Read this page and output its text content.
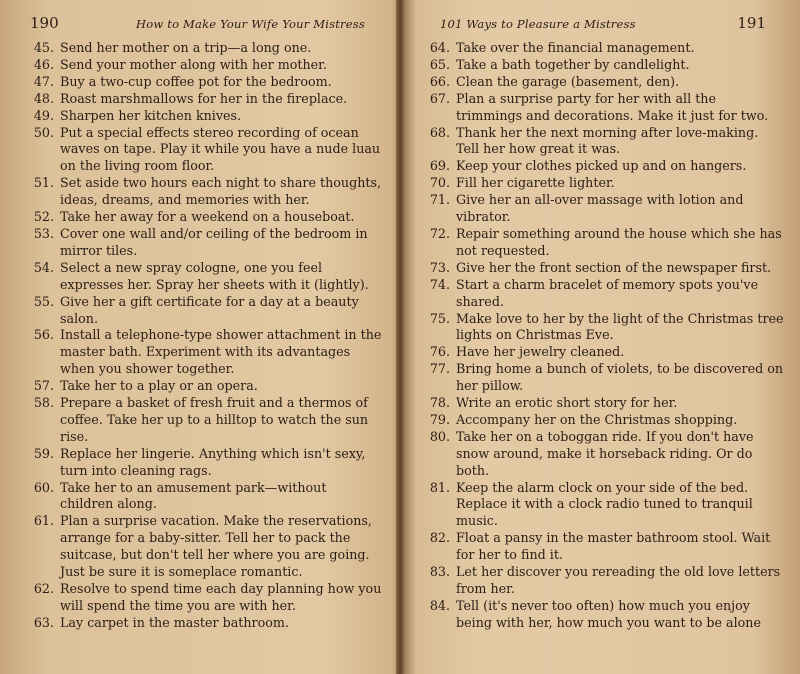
190	How to Make Your Wife Your Mistress
45. Send her mother on a trip—a long one.
46. Send your mother along with her mother.
47. Buy a two-cup coffee pot for the bedroom.
48. Roast marshmallows for her in the fireplace.
49. Sharpen her kitchen knives.
50. Put a special effects stereo recording of ocean waves on tape. Play it while you have a nude luau on the living room floor.
51. Set aside two hours each night to share thoughts, ideas, dreams, and memories with her.
52. Take her away for a weekend on a houseboat.
53. Cover one wall and/or ceiling of the bedroom in mirror tiles.
54. Select a new spray cologne, one you feel expresses her. Spray her sheets with it (lightly).
55. Give her a gift certificate for a day at a beauty salon.
56. Install a telephone-type shower attachment in the master bath. Experiment with its advantages when you shower together.
57. Take her to a play or an opera.
58. Prepare a basket of fresh fruit and a thermos of coffee. Take her up to a hilltop to watch the sun rise.
59. Replace her lingerie. Anything which isn't sexy, turn into cleaning rags.
60. Take her to an amusement park—without children along.
61. Plan a surprise vacation. Make the reservations, arrange for a baby-sitter. Tell her to pack the suitcase, but don't tell her where you are going. Just be sure it is someplace romantic.
62. Resolve to spend time each day planning how you will spend the time you are with her.
63. Lay carpet in the master bathroom.
101 Ways to Pleasure a Mistress	191
64. Take over the financial management.
65. Take a bath together by candlelight.
66. Clean the garage (basement, den).
67. Plan a surprise party for her with all the trimmings and decorations. Make it just for two.
68. Thank her the next morning after love-making. Tell her how great it was.
69. Keep your clothes picked up and on hangers.
70. Fill her cigarette lighter.
71. Give her an all-over massage with lotion and vibrator.
72. Repair something around the house which she has not requested.
73. Give her the front section of the newspaper first.
74. Start a charm bracelet of memory spots you've shared.
75. Make love to her by the light of the Christmas tree lights on Christmas Eve.
76. Have her jewelry cleaned.
77. Bring home a bunch of violets, to be discovered on her pillow.
78. Write an erotic short story for her.
79. Accompany her on the Christmas shopping.
80. Take her on a toboggan ride. If you don't have snow around, make it horseback riding. Or do both.
81. Keep the alarm clock on your side of the bed. Replace it with a clock radio tuned to tranquil music.
82. Float a pansy in the master bathroom stool. Wait for her to find it.
83. Let her discover you rereading the old love letters from her.
84. Tell (it's never too often) how much you enjoy being with her, how much you want to be alone
